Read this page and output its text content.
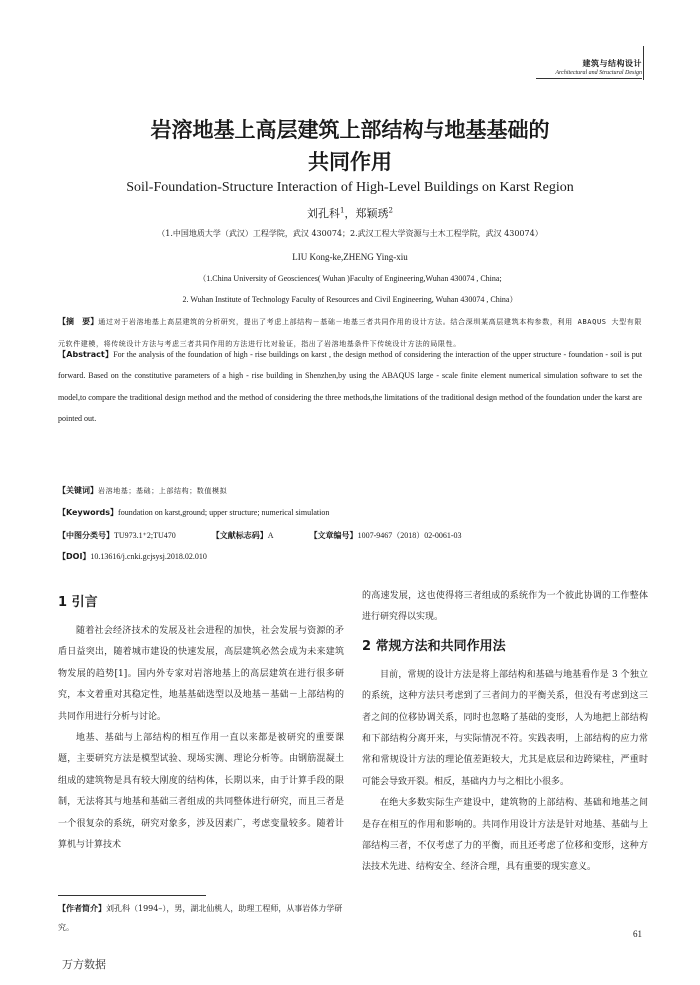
建筑与结构设计
Architectural and Structural Design
岩溶地基上高层建筑上部结构与地基基础的
共同作用
Soil-Foundation-Structure Interaction of High-Level Buildings on Karst Region
刘孔科$^1$，郑颖琇$^2$
（1.中国地质大学（武汉）工程学院，武汉 430074；2.武汉工程大学资源与土木工程学院，武汉 430074）
LIU Kong-ke,ZHENG Ying-xiu
（1.China University of Geosciences( Wuhan )Faculty of Engineering,Wuhan 430074 , China;
2. Wuhan Institute of Technology Faculty of Resources and Civil Engineering, Wuhan 430074 , China）
【摘　要】通过对于岩溶地基上高层建筑的分析研究，提出了考虑上部结构－基础－地基三者共同作用的设计方法。结合深圳某高层建筑本构参数，利用 ABAQUS 大型有限元软件建模，将传统设计方法与考虑三者共同作用的方法进行比对验证，指出了岩溶地基条件下传统设计方法的局限性。
【Abstract】For the analysis of the foundation of high - rise buildings on karst , the design method of considering the interaction of the upper structure - foundation - soil is put forward. Based on the constitutive parameters of a high - rise building in Shenzhen,by using the ABAQUS large - scale finite element numerical simulation software to set the model,to compare the traditional design method and the method of considering the three methods,the limitations of the traditional design method of the foundation under the karst are pointed out.
【关键词】岩溶地基；基础；上部结构；数值模拟
【Keywords】foundation on karst,ground; upper structure; numerical simulation
【中图分类号】TU973.1⁺2;TU470	【文献标志码】A	【文章编号】1007-9467（2018）02-0061-03
【DOI】10.13616/j.cnki.gcjsysj.2018.02.010
1 引言

随着社会经济技术的发展及社会进程的加快，社会发展与资源的矛盾日益突出，随着城市建设的快速发展，高层建筑必然会成为未来建筑物发展的趋势[1]。国内外专家对岩溶地基上的高层建筑在进行很多研究，本文着重对其稳定性，地基基础选型以及地基－基础－上部结构的共同作用进行分析与讨论。

地基、基础与上部结构的相互作用一直以来都是被研究的重要课题，主要研究方法是模型试验、现场实测、理论分析等。由钢筋混凝土组成的建筑物是具有较大刚度的结构体，长期以来，由于计算手段的限制，无法将其与地基和基础三者组成的共同整体进行研究，而且三者是一个很复杂的系统，研究对象多，涉及因素广，考虑变量较多。随着计算机与计算技术

的高速发展，这也使得将三者组成的系统作为一个彼此协调的工作整体进行研究得以实现。

2 常规方法和共同作用法

目前，常规的设计方法是将上部结构和基础与地基看作是 3 个独立的系统，这种方法只考虑到了三者间力的平衡关系，但没有考虑到这三者之间的位移协调关系，同时也忽略了基础的变形，人为地把上部结构和下部结构分离开来，与实际情况不符。实践表明，上部结构的应力常常和常规设计方法的理论值差距较大，尤其是底层和边跨梁柱，严重时可能会导致开裂。相反，基础内力与之相比小很多。

在绝大多数实际生产建设中，建筑物的上部结构、基础和地基之间是存在相互的作用和影响的。共同作用设计方法是针对地基、基础与上部结构三者，不仅考虑了力的平衡，而且还考虑了位移和变形，这种方法技术先进、结构安全、经济合理，具有重要的现实意义。

【作者简介】刘孔科（1994–），男，湖北仙桃人，助理工程师，从事岩体力学研究。
61
万方数据
